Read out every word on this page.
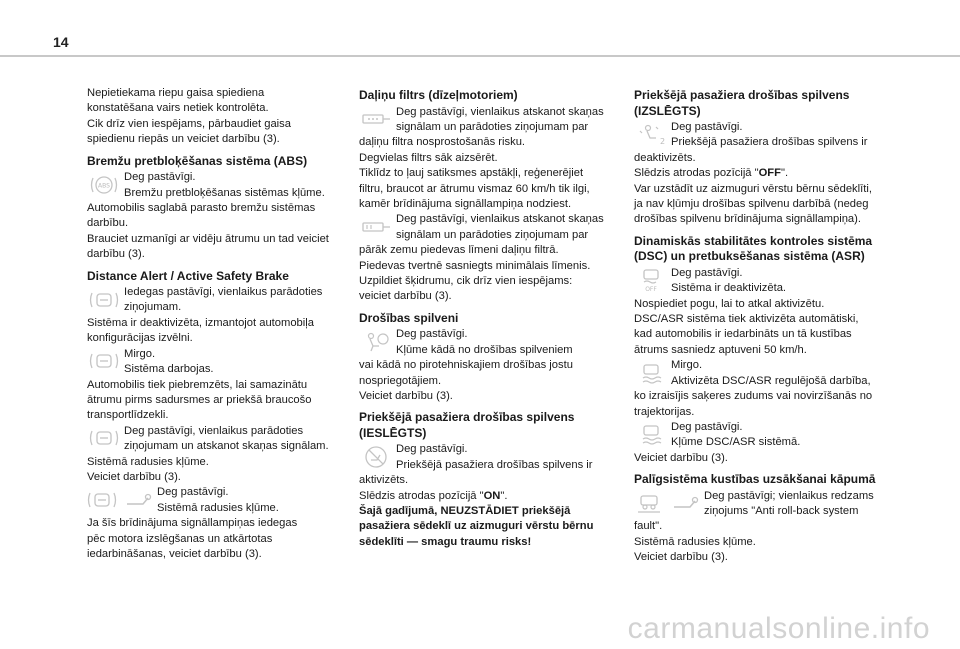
14

Nepietiekama riepu gaisa spiediena
konstatēšana vairs netiek kontrolēta.
Cik drīz vien iespējams, pārbaudiet gaisa
spiedienu riepās un veiciet darbību (3).

Bremžu pretbloķēšanas sistēma (ABS)

ABS
Deg pastāvīgi.
Bremžu pretbloķēšanas sistēmas kļūme.

Automobilis saglabā parasto bremžu sistēmas
darbību.
Brauciet uzmanīgi ar vidēju ātrumu un tad veiciet
darbību (3).

Distance Alert / Active Safety Brake

Iedegas pastāvīgi, vienlaikus parādoties
ziņojumam.

Sistēma ir deaktivizēta, izmantojot automobiļa
konfigurācijas izvēlni.

Mirgo.
Sistēma darbojas.

Automobilis tiek piebremzēts, lai samazinātu
ātrumu pirms sadursmes ar priekšā braucošo
transportlīdzekli.

Deg pastāvīgi, vienlaikus parādoties
ziņojumam un atskanot skaņas signālam.

Sistēmā radusies kļūme.
Veiciet darbību (3).

Deg pastāvīgi.
Sistēmā radusies kļūme.

Ja šīs brīdinājuma signāllampiņas iedegas
pēc motora izslēgšanas un atkārtotas
iedarbināšanas, veiciet darbību (3).

Daļiņu filtrs (dīzeļmotoriem)

Deg pastāvīgi, vienlaikus atskanot skaņas
signālam un parādoties ziņojumam par

daļiņu filtra nosprostošanās risku.
Degvielas filtrs sāk aizsērēt.
Tiklīdz to ļauj satiksmes apstākļi, reģenerējiet
filtru, braucot ar ātrumu vismaz 60 km/h tik ilgi,
kamēr brīdinājuma signāllampiņa nodziest.

Deg pastāvīgi, vienlaikus atskanot skaņas
signālam un parādoties ziņojumam par

pārāk zemu piedevas līmeni daļiņu filtrā.
Piedevas tvertnē sasniegts minimālais līmenis.
Uzpildiet šķidrumu, cik drīz vien iespējams:
veiciet darbību (3).

Drošības spilveni

Deg pastāvīgi.
Kļūme kādā no drošības spilveniem

vai kādā no pirotehniskajiem drošības jostu
nospriegotājiem.
Veiciet darbību (3).

Priekšējā pasažiera drošības spilvens
(IESLĒGTS)

Deg pastāvīgi.
Priekšējā pasažiera drošības spilvens ir

aktivizēts.
Slēdzis atrodas pozīcijā "ON".

Šajā gadījumā, NEUZSTĀDIET priekšējā
pasažiera sēdeklī uz aizmuguri vērstu bērnu
sēdeklīti — smagu traumu risks!

Priekšējā pasažiera drošības spilvens
(IZSLĒGTS)

2
Deg pastāvīgi.
Priekšējā pasažiera drošības spilvens ir

deaktivizēts.
Slēdzis atrodas pozīcijā "OFF".
Var uzstādīt uz aizmuguri vērstu bērnu sēdeklīti,
ja nav kļūmju drošības spilvenu darbībā (nedeg
drošības spilvenu brīdinājuma signāllampiņa).

Dinamiskās stabilitātes kontroles sistēma
(DSC) un pretbuksēšanas sistēma (ASR)

OFF
Deg pastāvīgi.
Sistēma ir deaktivizēta.

Nospiediet pogu, lai to atkal aktivizētu.
DSC/ASR sistēma tiek aktivizēta automātiski,
kad automobilis ir iedarbināts un tā kustības
ātrums sasniedz aptuveni 50 km/h.

Mirgo.
Aktivizēta DSC/ASR regulējošā darbība,

ko izraisījis saķeres zudums vai novirzīšanās no
trajektorijas.

Deg pastāvīgi.
Kļūme DSC/ASR sistēmā.

Veiciet darbību (3).

Palīgsistēma kustības uzsākšanai kāpumā

Deg pastāvīgi; vienlaikus redzams
ziņojums "Anti roll-back system

fault".
Sistēmā radusies kļūme.
Veiciet darbību (3).

carmanualsonline.info
